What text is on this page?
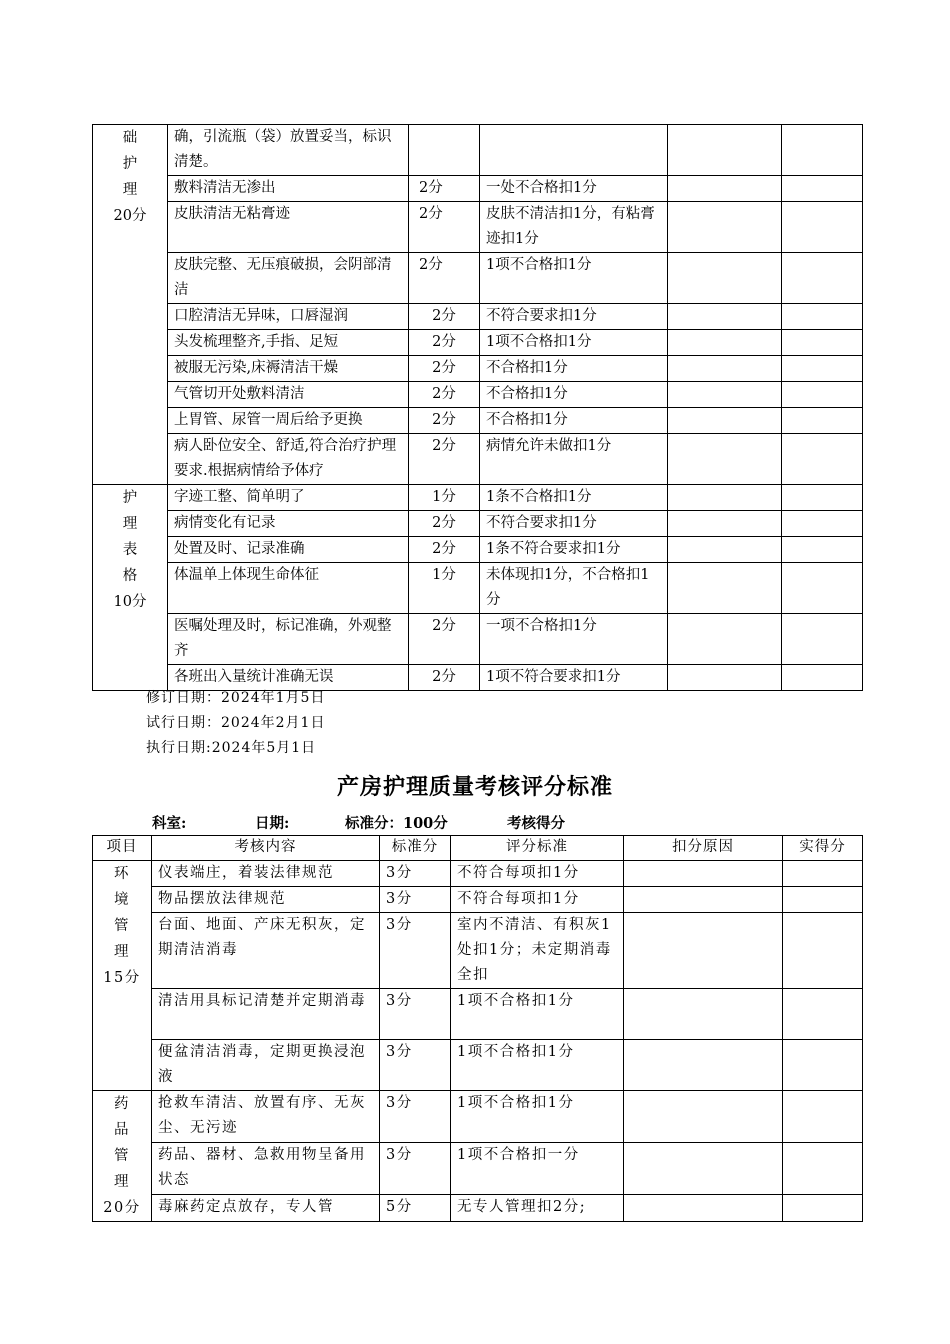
础
护
理
20分	确，引流瓶（袋）放置妥当，标识清楚。				
	敷料清洁无渗出	2分	一处不合格扣1分		
	皮肤清洁无粘膏迹	2分	皮肤不清洁扣1分，有粘膏迹扣1分		
	皮肤完整、无压痕破损，会阴部清洁	2分	1项不合格扣1分		
	口腔清洁无异味，口唇湿润	2分	不符合要求扣1分		
	头发梳理整齐,手指、足短	2分	1项不合格扣1分		
	被服无污染,床褥清洁干燥	2分	不合格扣1分		
	气管切开处敷料清洁	2分	不合格扣1分		
	上胃管、尿管一周后给予更换	2分	不合格扣1分		
	病人卧位安全、舒适,符合治疗护理要求.根据病情给予体疗	2分	病情允许未做扣1分		

护
理
表
格
10分	字迹工整、简单明了	1分	1条不合格扣1分		
	病情变化有记录	2分	不符合要求扣1分		
	处置及时、记录准确	2分	1条不符合要求扣1分		
	体温单上体现生命体征	1分	未体现扣1分，不合格扣1分		
	医嘱处理及时，标记准确，外观整齐	2分	一项不合格扣1分		
	各班出入量统计准确无误	2分	1项不符合要求扣1分		
修订日期：2024年1月5日
试行日期：2024年2月1日
执行日期:2024年5月1日
产房护理质量考核评分标准
科室:	日期:	标准分：100分	考核得分
项目	考核内容	标准分	评分标准	扣分原因	实得分

环
境
管
理
15分	仪表端庄，着装法律规范	3分	不符合每项扣1分		
	物品摆放法律规范	3分	不符合每项扣1分		
	台面、地面、产床无积灰，定期清洁消毒	3分	室内不清洁、有积灰1处扣1分；未定期消毒全扣		
	清洁用具标记清楚并定期消毒	3分	1项不合格扣1分		
	便盆清洁消毒，定期更换浸泡液	3分	1项不合格扣1分		

药
品
管
理
20分	抢救车清洁、放置有序、无灰尘、无污迹	3分	1项不合格扣1分		
	药品、器材、急救用物呈备用状态	3分	1项不合格扣一分		
	毒麻药定点放存，专人管	5分	无专人管理扣2分;		
